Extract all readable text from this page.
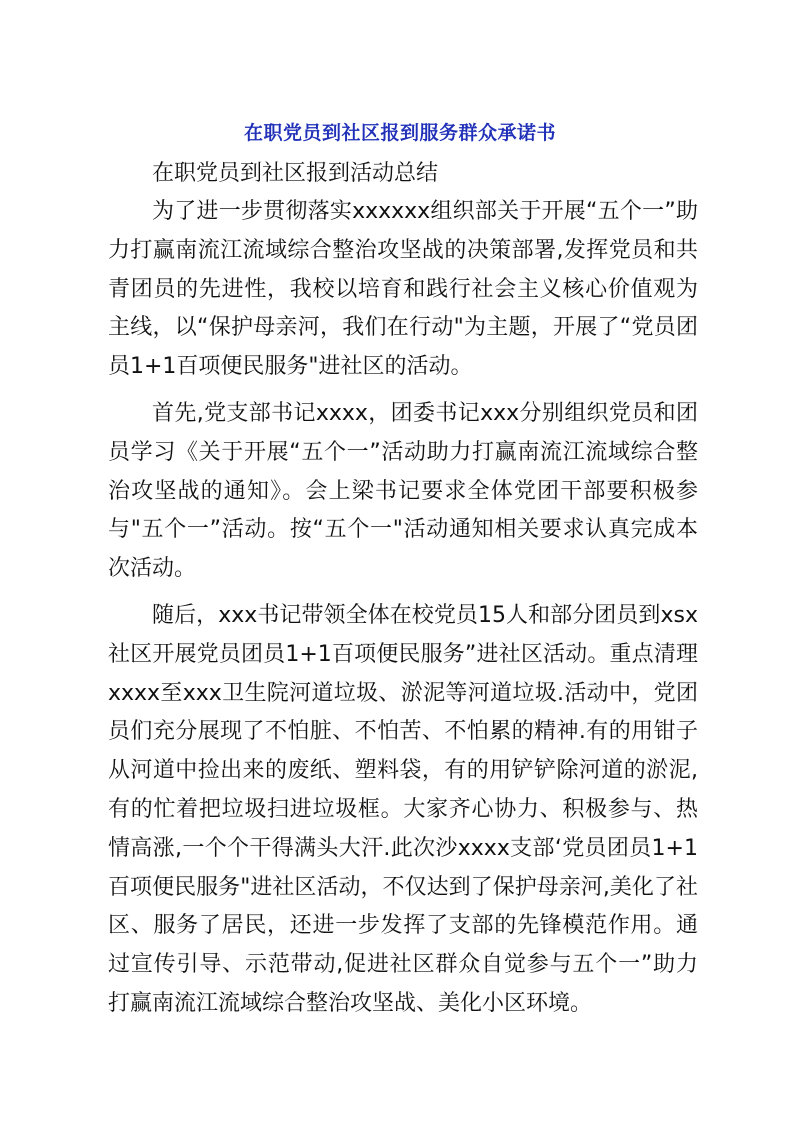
在职党员到社区报到服务群众承诺书

在职党员到社区报到活动总结

为了进一步贯彻落实xxxxxx组织部关于开展“五个一”助力打赢南流江流域综合整治攻坚战的决策部署,发挥党员和共青团员的先进性，我校以培育和践行社会主义核心价值观为主线，以“保护母亲河，我们在行动"为主题，开展了“党员团员1+1百项便民服务"进社区的活动。

首先,党支部书记xxxx，团委书记xxx分别组织党员和团员学习《关于开展“五个一”活动助力打赢南流江流域综合整治攻坚战的通知》。会上梁书记要求全体党团干部要积极参与"五个一”活动。按“五个一"活动通知相关要求认真完成本次活动。

随后，xxx书记带领全体在校党员15人和部分团员到xsx社区开展党员团员1+1百项便民服务”进社区活动。重点清理xxxx至xxx卫生院河道垃圾、淤泥等河道垃圾.活动中，党团员们充分展现了不怕脏、不怕苦、不怕累的精神.有的用钳子从河道中捡出来的废纸、塑料袋，有的用铲铲除河道的淤泥,有的忙着把垃圾扫进垃圾框。大家齐心协力、积极参与、热情高涨,一个个干得满头大汗.此次沙xxxx支部‘党员团员1+1百项便民服务"进社区活动，不仅达到了保护母亲河,美化了社区、服务了居民，还进一步发挥了支部的先锋模范作用。通过宣传引导、示范带动,促进社区群众自觉参与五个一”助力打赢南流江流域综合整治攻坚战、美化小区环境。
